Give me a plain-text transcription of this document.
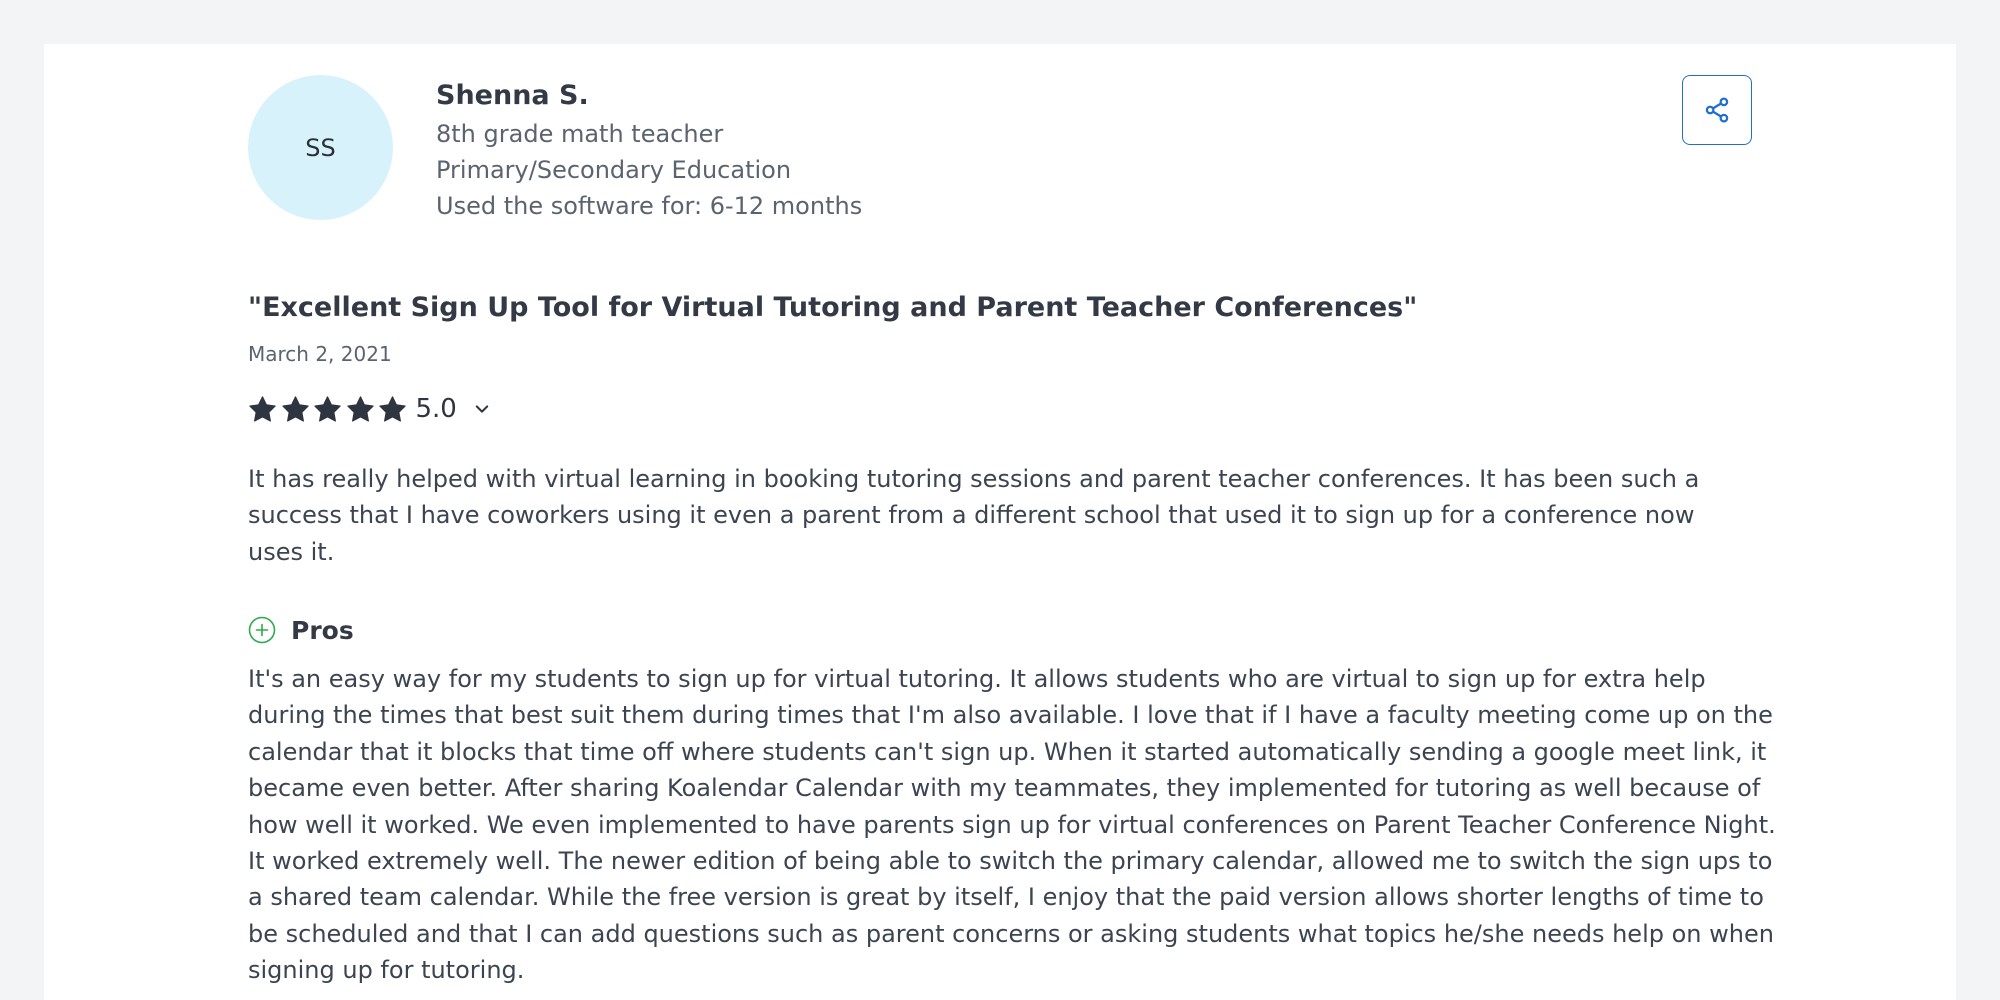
SS
Shenna S.
8th grade math teacher
Primary/Secondary Education
Used the software for: 6-12 months
"Excellent Sign Up Tool for Virtual Tutoring and Parent Teacher Conferences"
March 2, 2021
5.0
It has really helped with virtual learning in booking tutoring sessions and parent teacher conferences. It has been such a success that I have coworkers using it even a parent from a different school that used it to sign up for a conference now uses it.
Pros
It's an easy way for my students to sign up for virtual tutoring. It allows students who are virtual to sign up for extra help during the times that best suit them during times that I'm also available. I love that if I have a faculty meeting come up on the calendar that it blocks that time off where students can't sign up. When it started automatically sending a google meet link, it became even better. After sharing Koalendar Calendar with my teammates, they implemented for tutoring as well because of how well it worked. We even implemented to have parents sign up for virtual conferences on Parent Teacher Conference Night. It worked extremely well. The newer edition of being able to switch the primary calendar, allowed me to switch the sign ups to a shared team calendar. While the free version is great by itself, I enjoy that the paid version allows shorter lengths of time to be scheduled and that I can add questions such as parent concerns or asking students what topics he/she needs help on when signing up for tutoring.
